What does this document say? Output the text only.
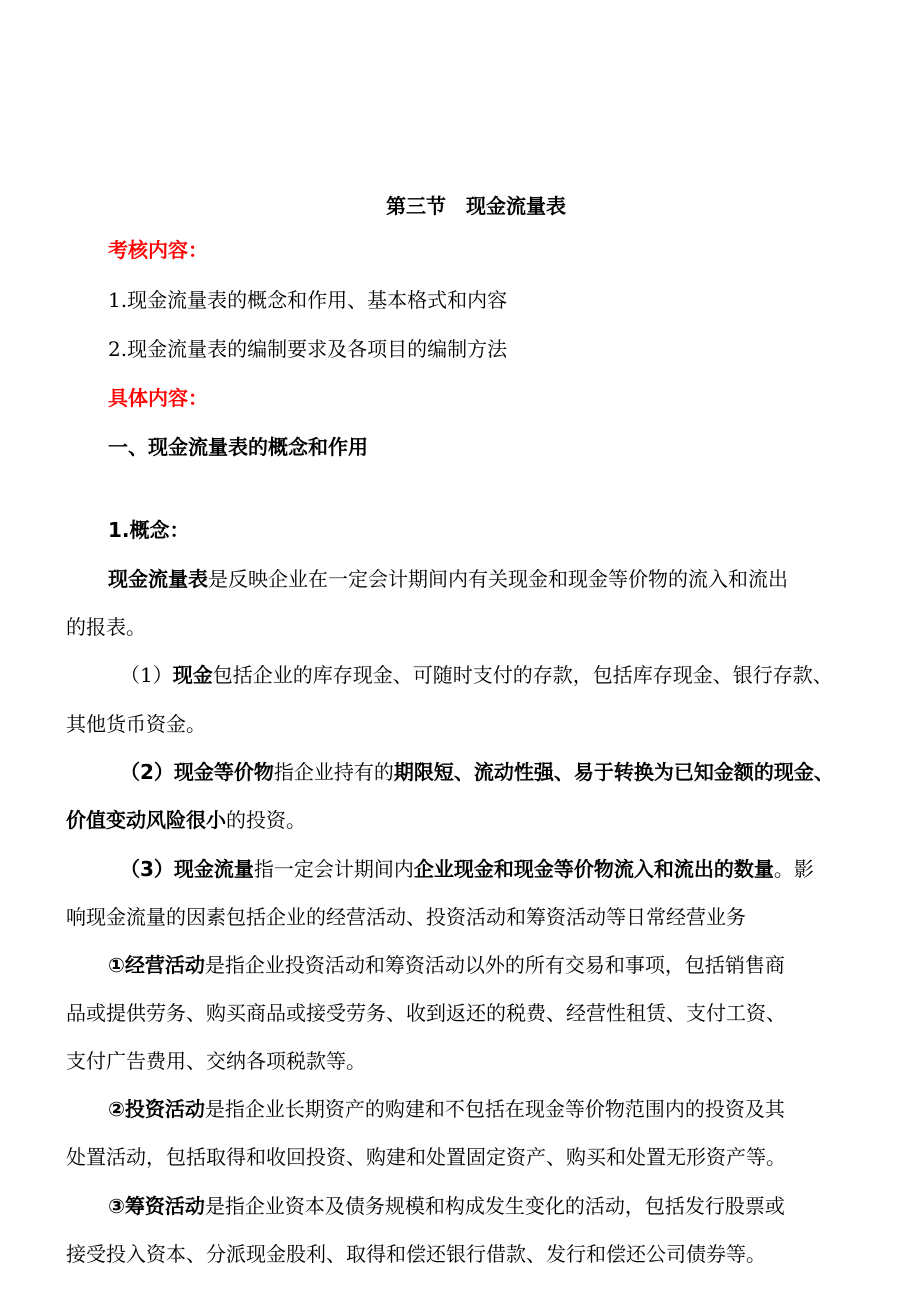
第三节　现金流量表
考核内容：
1.现金流量表的概念和作用、基本格式和内容
2.现金流量表的编制要求及各项目的编制方法
具体内容：
一、现金流量表的概念和作用
1.概念：
现金流量表是反映企业在一定会计期间内有关现金和现金等价物的流入和流出
的报表。
（1）现金包括企业的库存现金、可随时支付的存款，包括库存现金、银行存款、
其他货币资金。
（2）现金等价物指企业持有的期限短、流动性强、易于转换为已知金额的现金、
价值变动风险很小的投资。
（3）现金流量指一定会计期间内企业现金和现金等价物流入和流出的数量。影
响现金流量的因素包括企业的经营活动、投资活动和筹资活动等日常经营业务
①经营活动是指企业投资活动和筹资活动以外的所有交易和事项，包括销售商
品或提供劳务、购买商品或接受劳务、收到返还的税费、经营性租赁、支付工资、
支付广告费用、交纳各项税款等。
②投资活动是指企业长期资产的购建和不包括在现金等价物范围内的投资及其
处置活动，包括取得和收回投资、购建和处置固定资产、购买和处置无形资产等。
③筹资活动是指企业资本及债务规模和构成发生变化的活动，包括发行股票或
接受投入资本、分派现金股利、取得和偿还银行借款、发行和偿还公司债券等。
